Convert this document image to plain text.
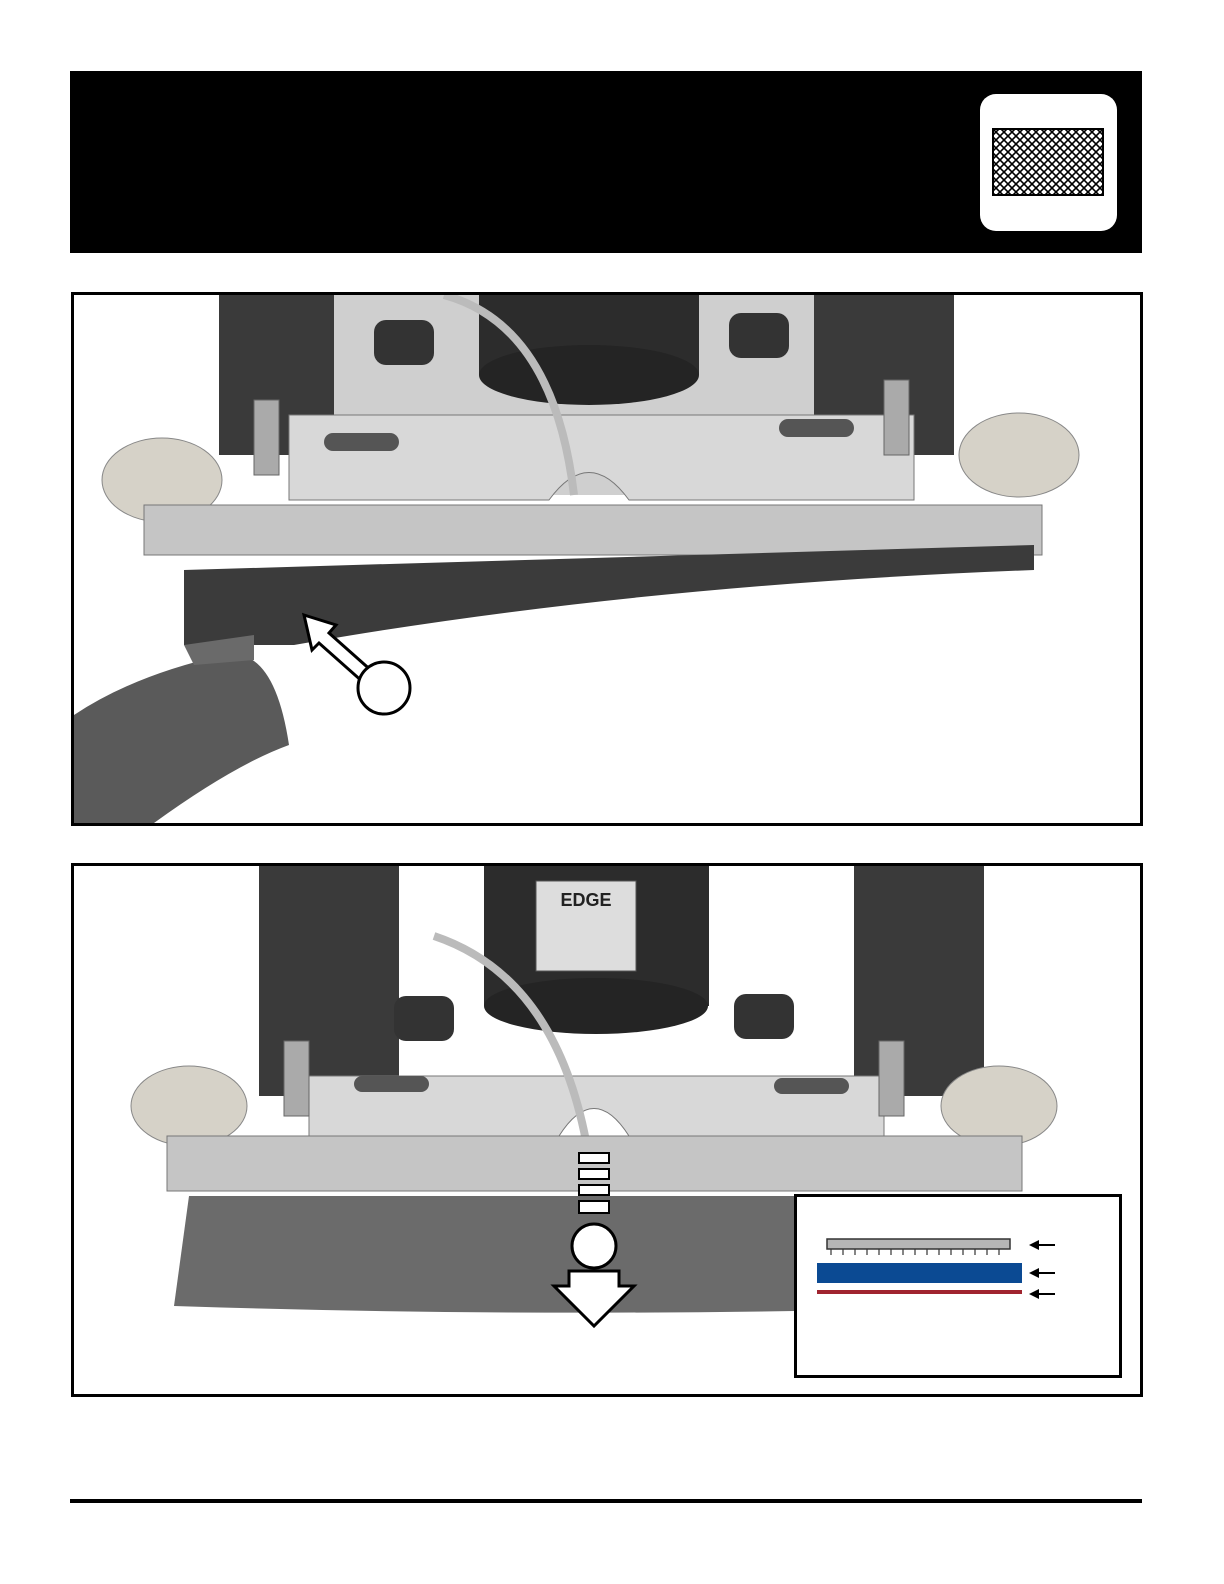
EDGE
